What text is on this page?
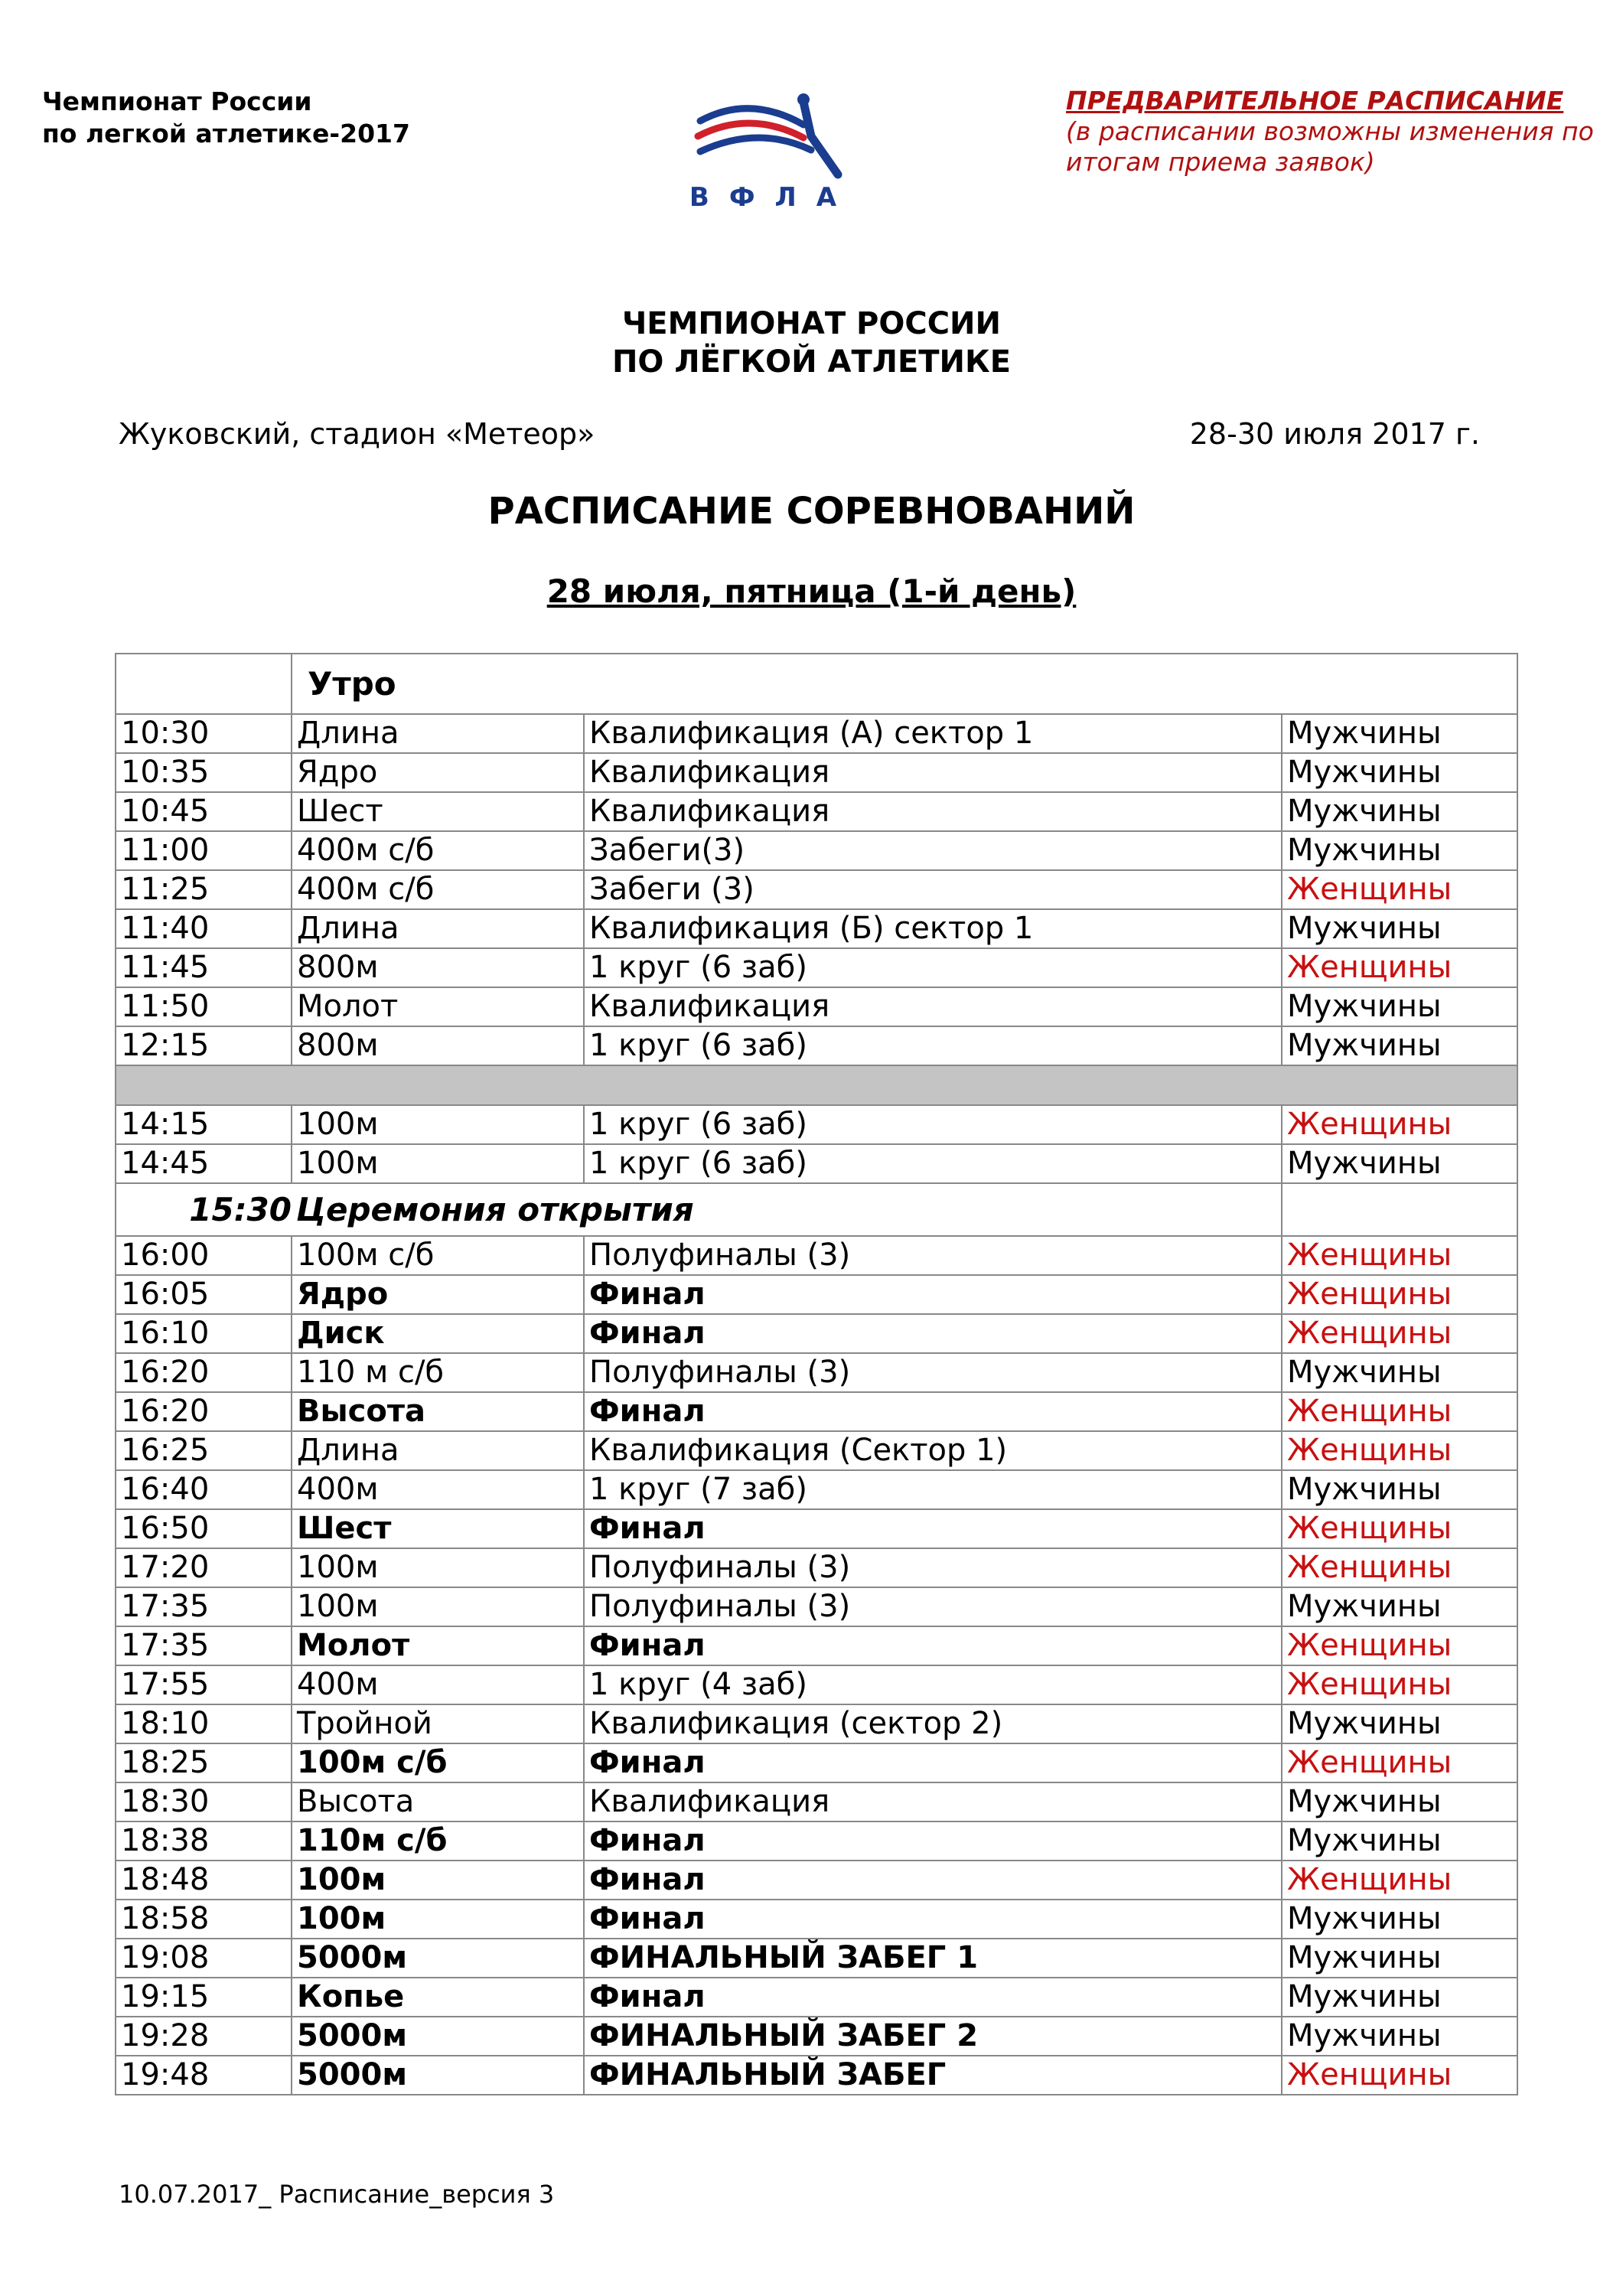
Чемпионат России
по легкой атлетике-2017
ВФЛА
ПРЕДВАРИТЕЛЬНОЕ РАСПИСАНИЕ
(в расписании возможны изменения по
итогам приема заявок)
ЧЕМПИОНАТ РОССИИ
ПО ЛЁГКОЙ АТЛЕТИКЕ
Жуковский, стадион «Метеор»	28-30 июля 2017 г.
РАСПИСАНИЕ СОРЕВНОВАНИЙ
28 июля, пятница (1-й день)
	Утро		
10:30	Длина	Квалификация (А) сектор 1	Мужчины
10:35	Ядро	Квалификация	Мужчины
10:45	Шест	Квалификация	Мужчины
11:00	400м с/б	Забеги(3)	Мужчины
11:25	400м с/б	Забеги (3)	Женщины
11:40	Длина	Квалификация (Б) сектор 1	Мужчины
11:45	800м	1 круг (6 заб)	Женщины
11:50	Молот	Квалификация	Мужчины
12:15	800м	1 круг (6 заб)	Мужчины

14:15	100м	1 круг (6 заб)	Женщины
14:45	100м	1 круг (6 заб)	Мужчины
15:30	Церемония открытия		
16:00	100м с/б	Полуфиналы (3)	Женщины
16:05	Ядро	Финал	Женщины
16:10	Диск	Финал	Женщины
16:20	110 м с/б	Полуфиналы (3)	Мужчины
16:20	Высота	Финал	Женщины
16:25	Длина	Квалификация (Сектор 1)	Женщины
16:40	400м	1 круг (7 заб)	Мужчины
16:50	Шест	Финал	Женщины
17:20	100м	Полуфиналы (3)	Женщины
17:35	100м	Полуфиналы (3)	Мужчины
17:35	Молот	Финал	Женщины
17:55	400м	1 круг (4 заб)	Женщины
18:10	Тройной	Квалификация (сектор 2)	Мужчины
18:25	100м с/б	Финал	Женщины
18:30	Высота	Квалификация	Мужчины
18:38	110м с/б	Финал	Мужчины
18:48	100м	Финал	Женщины
18:58	100м	Финал	Мужчины
19:08	5000м	ФИНАЛЬНЫЙ ЗАБЕГ 1	Мужчины
19:15	Копье	Финал	Мужчины
19:28	5000м	ФИНАЛЬНЫЙ ЗАБЕГ 2	Мужчины
19:48	5000м	ФИНАЛЬНЫЙ ЗАБЕГ	Женщины
10.07.2017_ Расписание_версия 3
